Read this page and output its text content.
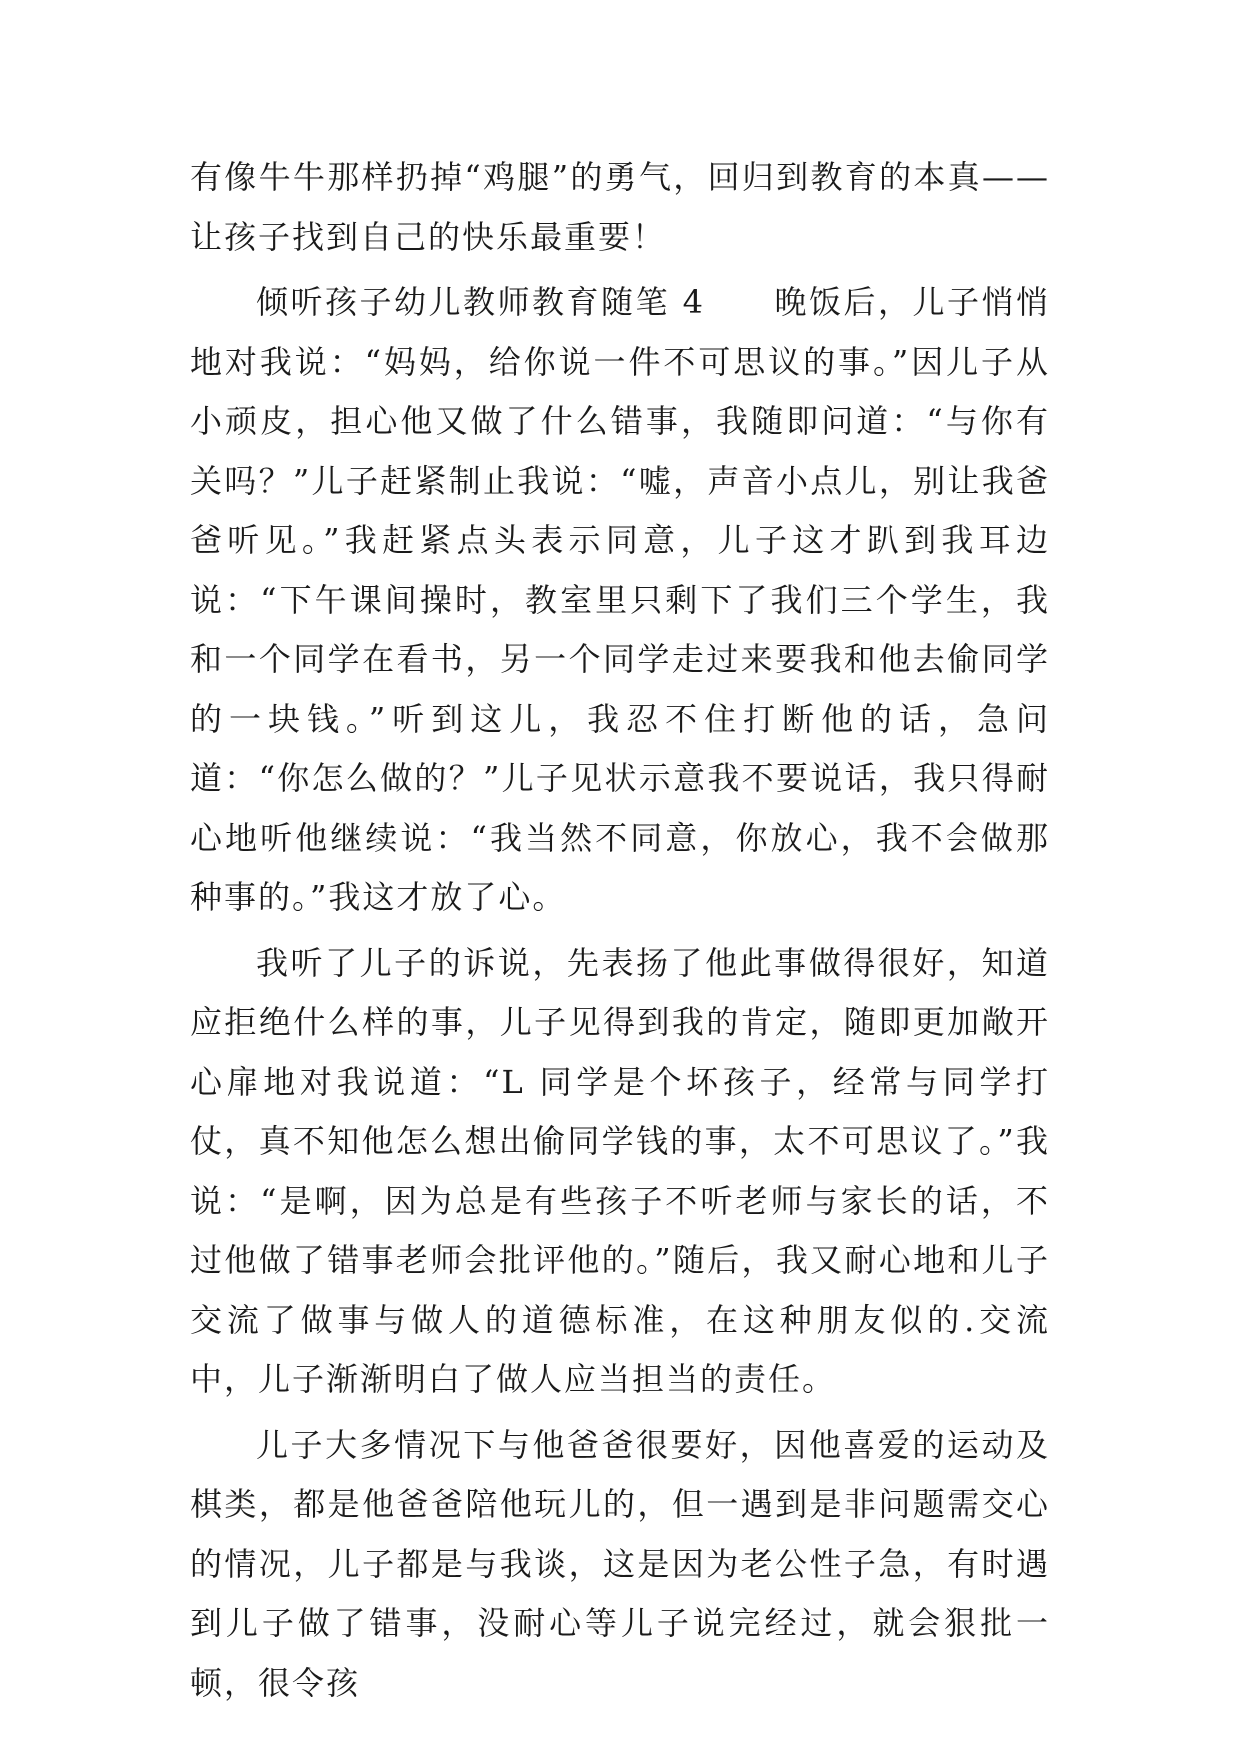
有像牛牛那样扔掉“鸡腿”的勇气，回归到教育的本真——让孩子找到自己的快乐最重要！

倾听孩子幼儿教师教育随笔 4　　晚饭后，儿子悄悄地对我说：“妈妈，给你说一件不可思议的事。”因儿子从小顽皮，担心他又做了什么错事，我随即问道：“与你有关吗？”儿子赶紧制止我说：“嘘，声音小点儿，别让我爸爸听见。”我赶紧点头表示同意，儿子这才趴到我耳边说：“下午课间操时，教室里只剩下了我们三个学生，我和一个同学在看书，另一个同学走过来要我和他去偷同学的一块钱。”听到这儿，我忍不住打断他的话，急问道：“你怎么做的？”儿子见状示意我不要说话，我只得耐心地听他继续说：“我当然不同意，你放心，我不会做那种事的。”我这才放了心。

我听了儿子的诉说，先表扬了他此事做得很好，知道应拒绝什么样的事，儿子见得到我的肯定，随即更加敞开心扉地对我说道：“L 同学是个坏孩子，经常与同学打仗，真不知他怎么想出偷同学钱的事，太不可思议了。”我说：“是啊，因为总是有些孩子不听老师与家长的话，不过他做了错事老师会批评他的。”随后，我又耐心地和儿子交流了做事与做人的道德标准，在这种朋友似的.交流中，儿子渐渐明白了做人应当担当的责任。

儿子大多情况下与他爸爸很要好，因他喜爱的运动及棋类，都是他爸爸陪他玩儿的，但一遇到是非问题需交心的情况，儿子都是与我谈，这是因为老公性子急，有时遇到儿子做了错事，没耐心等儿子说完经过，就会狠批一顿，很令孩
